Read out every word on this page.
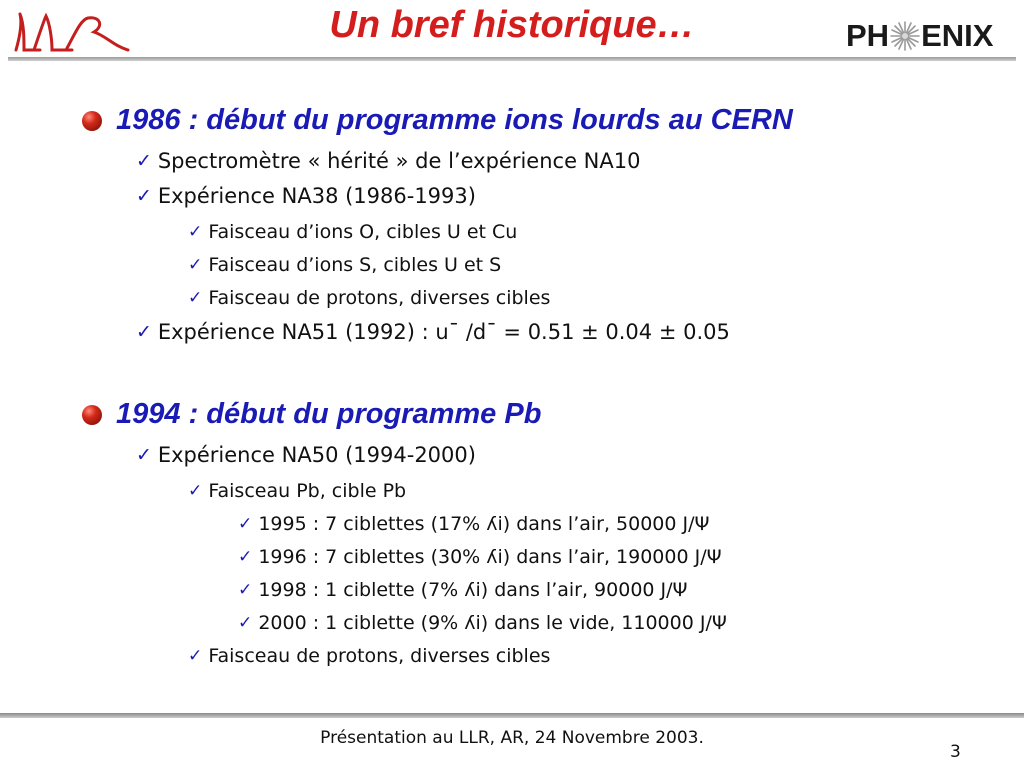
Un bref historique…	PH ENIX
1986 : début du programme ions lourds au CERN
✓ Spectromètre « hérité » de l’expérience NA10
✓ Expérience NA38 (1986-1993)
✓ Faisceau d’ions O, cibles U et Cu
✓ Faisceau d’ions S, cibles U et S
✓ Faisceau de protons, diverses cibles
✓ Expérience NA51 (1992) : u¯ /d¯ = 0.51 ± 0.04 ± 0.05
1994 : début du programme Pb
✓ Expérience NA50 (1994-2000)
✓ Faisceau Pb, cible Pb
✓ 1995 : 7 ciblettes (17% ʎi) dans l’air, 50000 J/Ψ
✓ 1996 : 7 ciblettes (30% ʎi) dans l’air, 190000 J/Ψ
✓ 1998 : 1 ciblette (7% ʎi) dans l’air, 90000 J/Ψ
✓ 2000 : 1 ciblette (9% ʎi) dans le vide, 110000 J/Ψ
✓ Faisceau de protons, diverses cibles
Présentation au LLR, AR, 24 Novembre 2003.
3
